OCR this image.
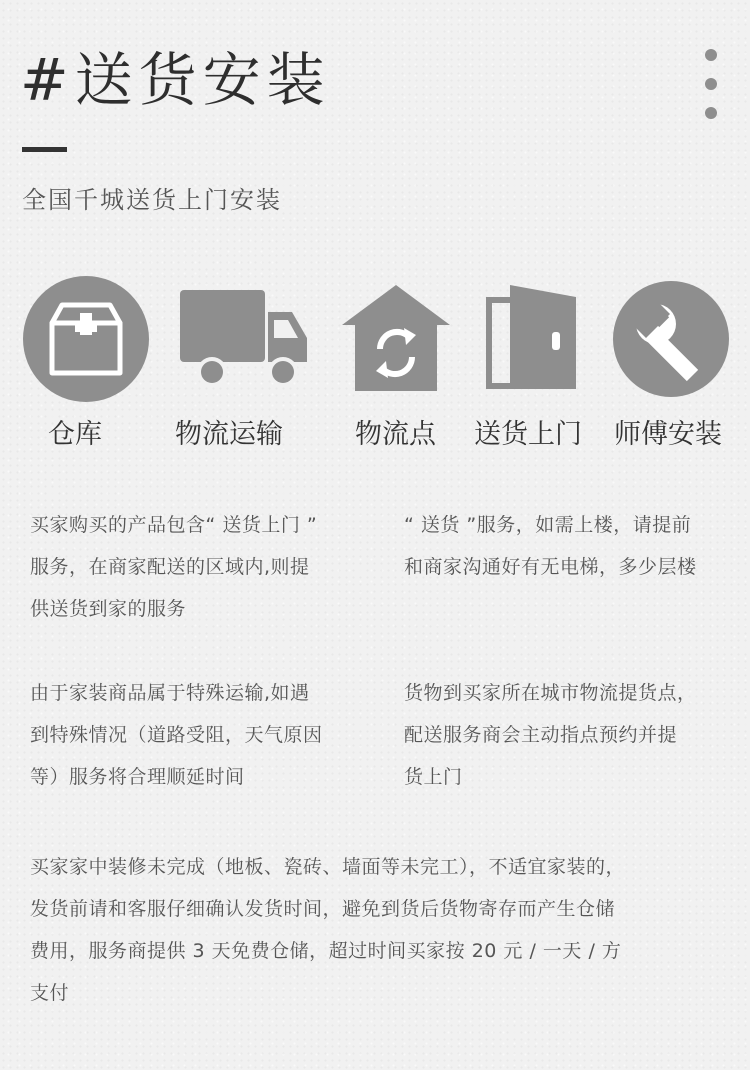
#送货安装
全国千城送货上门安装
仓库	物流运输	物流点 送货上门 师傅安装
买家购买的产品包含“ 送货上门 ”
服务，在商家配送的区域内,则提
供送货到家的服务
“ 送货 ”服务，如需上楼，请提前
和商家沟通好有无电梯，多少层楼
由于家装商品属于特殊运输,如遇
到特殊情况（道路受阻，天气原因
等）服务将合理顺延时间
货物到买家所在城市物流提货点，
配送服务商会主动指点预约并提
货上门
买家家中装修未完成（地板、瓷砖、墙面等未完工），不适宜家装的，
发货前请和客服仔细确认发货时间，避免到货后货物寄存而产生仓储
费用，服务商提供 3 天免费仓储，超过时间买家按 20 元 / 一天 / 方
支付
